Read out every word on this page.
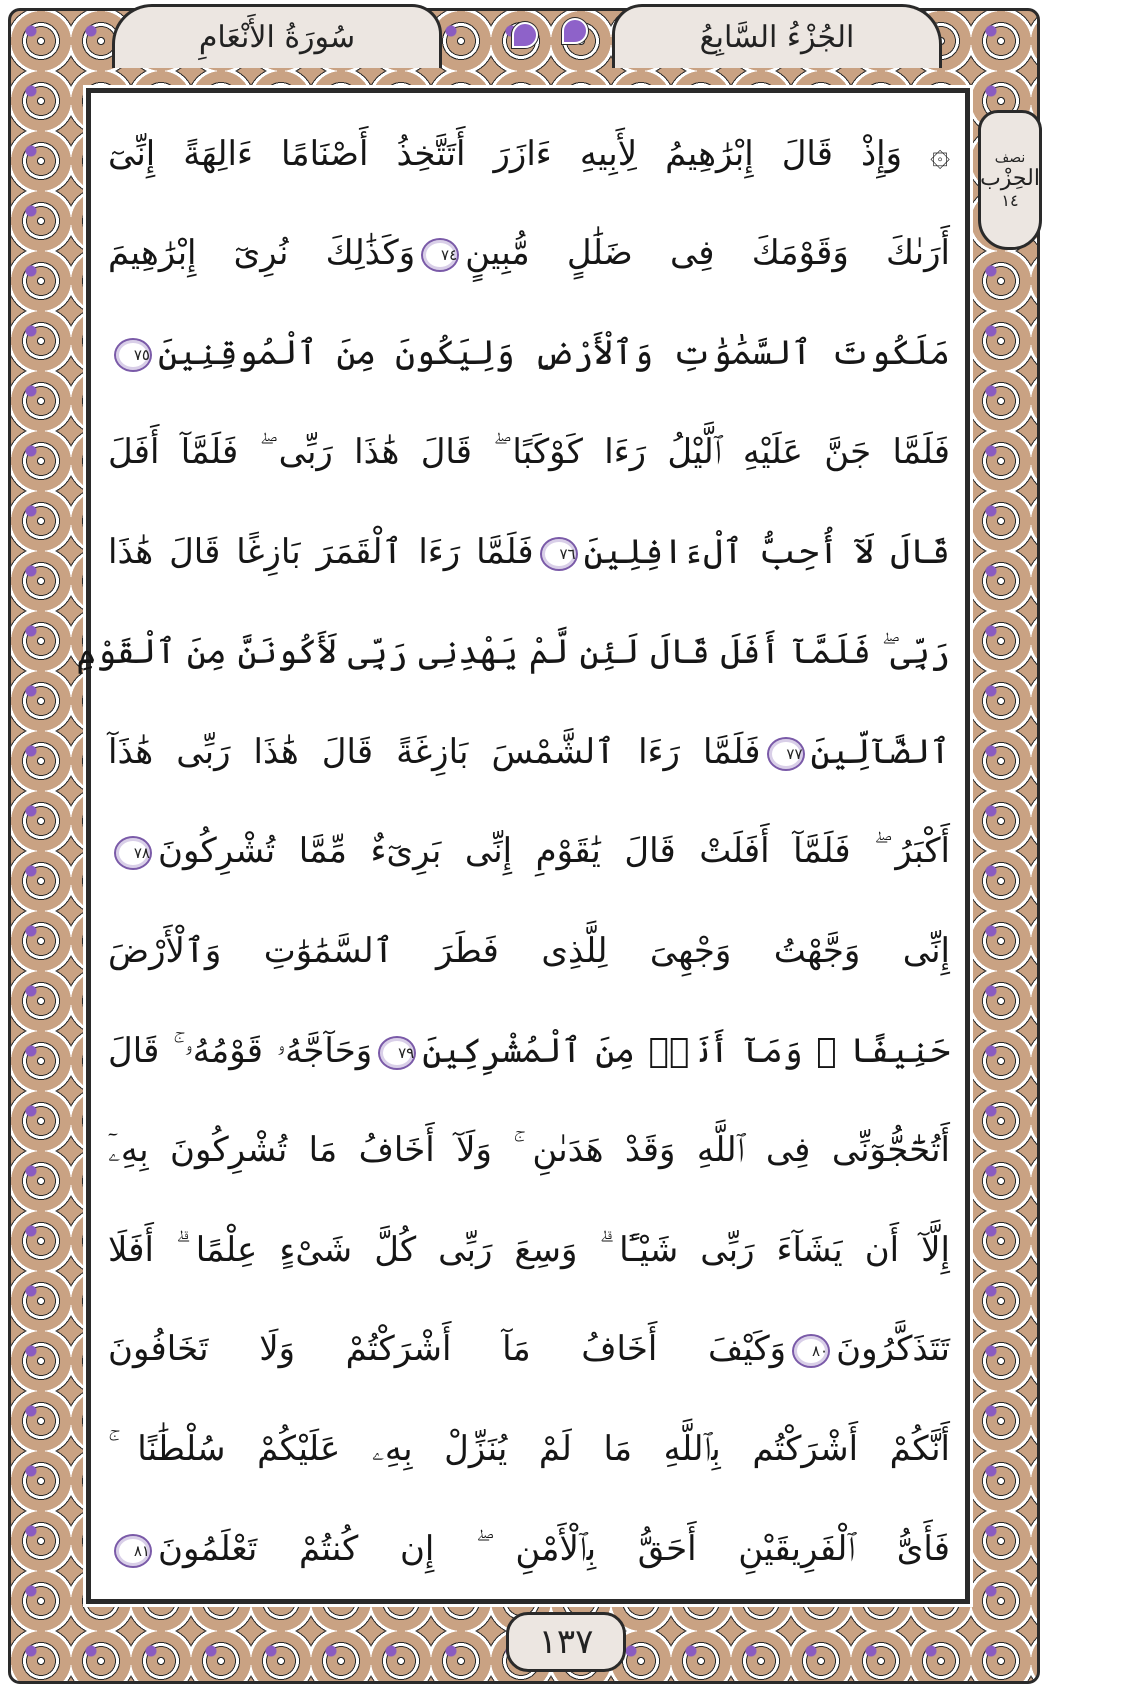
سُورَةُ الأَنْعَامِ	الجُزْءُ السَّابِعُ
۞ وَإِذْ قَالَ إِبْرَٰهِيمُ لِأَبِيهِ ءَازَرَ أَتَتَّخِذُ أَصْنَامًا ءَالِهَةً إِنِّىٓ
أَرَىٰكَ وَقَوْمَكَ فِى ضَلَٰلٍ مُّبِينٍ٧٤وَكَذَٰلِكَ نُرِىٓ إِبْرَٰهِيمَ
مَلَكُوتَ ٱلسَّمَٰوَٰتِ وَٱلْأَرْضِ وَلِيَكُونَ مِنَ ٱلْمُوقِنِينَ٧٥
فَلَمَّا جَنَّ عَلَيْهِ ٱلَّيْلُ رَءَا كَوْكَبًا ۖ قَالَ هَٰذَا رَبِّى ۖ فَلَمَّآ أَفَلَ
قَالَ لَآ أُحِبُّ ٱلْءَافِلِينَ٧٦فَلَمَّا رَءَا ٱلْقَمَرَ بَازِغًا قَالَ هَٰذَا
رَبِّى ۖ فَلَمَّآ أَفَلَ قَالَ لَئِن لَّمْ يَهْدِنِى رَبِّى لَأَكُونَنَّ مِنَ ٱلْقَوْمِ
ٱلضَّآلِّينَ٧٧فَلَمَّا رَءَا ٱلشَّمْسَ بَازِغَةً قَالَ هَٰذَا رَبِّى هَٰذَآ
أَكْبَرُ ۖ فَلَمَّآ أَفَلَتْ قَالَ يَٰقَوْمِ إِنِّى بَرِىٓءٌ مِّمَّا تُشْرِكُونَ٧٨
إِنِّى وَجَّهْتُ وَجْهِىَ لِلَّذِى فَطَرَ ٱلسَّمَٰوَٰتِ وَٱلْأَرْضَ
حَنِيفًا ۖ وَمَآ أَنَا۠ مِنَ ٱلْمُشْرِكِينَ٧٩وَحَآجَّهُۥ قَوْمُهُۥ ۚ قَالَ
أَتُحَٰٓجُّوٓنِّى فِى ٱللَّهِ وَقَدْ هَدَىٰنِ ۚ وَلَآ أَخَافُ مَا تُشْرِكُونَ بِهِۦٓ
إِلَّآ أَن يَشَآءَ رَبِّى شَيْـًٔا ۗ وَسِعَ رَبِّى كُلَّ شَىْءٍ عِلْمًا ۗ أَفَلَا
تَتَذَكَّرُونَ٨٠وَكَيْفَ أَخَافُ مَآ أَشْرَكْتُمْ وَلَا تَخَافُونَ
أَنَّكُمْ أَشْرَكْتُم بِٱللَّهِ مَا لَمْ يُنَزِّلْ بِهِۦ عَلَيْكُمْ سُلْطَٰنًا ۚ
فَأَىُّ ٱلْفَرِيقَيْنِ أَحَقُّ بِٱلْأَمْنِ ۖ إِن كُنتُمْ تَعْلَمُونَ٨١
١٣٧
نصف
الحِزْب
١٤
